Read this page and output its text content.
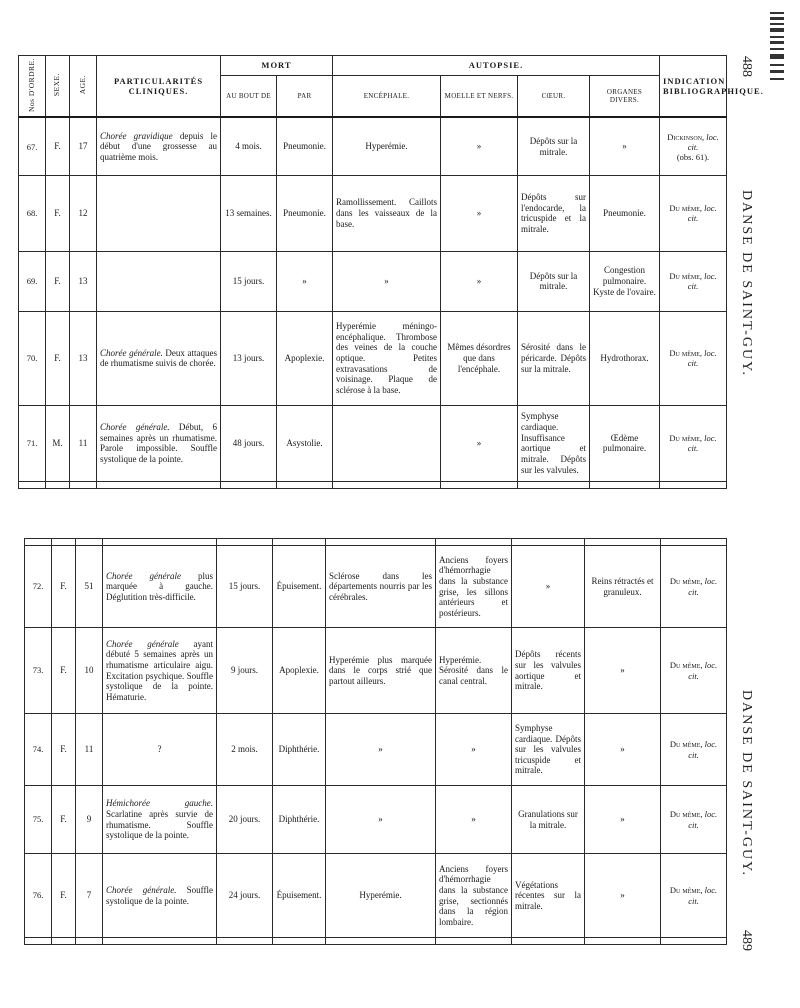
488
DANSE DE SAINT-GUY.
DANSE DE SAINT-GUY.
489
Nos D'ORDRE.	SEXE.	AGE.	PARTICULARITÉS CLINIQUES.	MORT		AUTOPSIE.				INDICATION BIBLIOGRAPHIQUE.
				AU BOUT DE	PAR	ENCÉPHALE.	MOELLE ET NERFS.	CŒUR.	ORGANES DIVERS.	
67.	F.	17	Chorée gravidique depuis le début d'une grossesse au quatrième mois.	4 mois.	Pneumonie.	Hyperémie.	»	Dépôts sur la mitrale.	»	Dickinson, loc. cit.
(obs. 61).
68.	F.	12		13 semaines.	Pneumonie.	Ramollissement. Caillots dans les vaisseaux de la base.	»	Dépôts sur l'endocarde, la tricuspide et la mitrale.	Pneumonie.	Du même, loc. cit.
69.	F.	13		15 jours.	»	»	»	Dépôts sur la mitrale.	Congestion pulmonaire. Kyste de l'ovaire.	Du même, loc. cit.
70.	F.	13	Chorée générale. Deux attaques de rhumatisme suivis de chorée.	13 jours.	Apoplexie.	Hyperémie méningo-encéphalique. Thrombose des veines de la couche optique. Petites extravasations de voisinage. Plaque de sclérose à la base.	Mêmes désordres que dans l'encéphale.	Sérosité dans le péricarde. Dépôts sur la mitrale.	Hydrothorax.	Du même, loc. cit.
71.	M.	11	Chorée générale. Début, 6 semaines après un rhumatisme. Parole impossible. Souffle systolique de la pointe.	48 jours.	Asystolie.		»	Symphyse cardiaque. Insuffisance aortique et mitrale. Dépôts sur les valvules.	Œdème pulmonaire.	Du même, loc. cit.

72.	F.	51	Chorée générale plus marquée à gauche. Déglutition très-difficile.	15 jours.	Épuisement.	Sclérose dans les départements nourris par les cérébrales.	Anciens foyers d'hémorrhagie dans la substance grise, les sillons antérieurs et postérieurs.	»	Reins rétractés et granuleux.	Du même, loc. cit.
73.	F.	10	Chorée générale ayant débuté 5 semaines après un rhumatisme articulaire aigu. Excitation psychique. Souffle systolique de la pointe. Hématurie.	9 jours.	Apoplexie.	Hyperémie plus marquée dans le corps strié que partout ailleurs.	Hyperémie. Sérosité dans le canal central.	Dépôts récents sur les valvules aortique et mitrale.	»	Du même, loc. cit.
74.	F.	11	?	2 mois.	Diphthérie.	»	»	Symphyse cardiaque. Dépôts sur les valvules tricuspide et mitrale.	»	Du même, loc. cit.
75.	F.	9	Hémichorée gauche. Scarlatine après survie de rhumatisme. Souffle systolique de la pointe.	20 jours.	Diphthérie.	»	»	Granulations sur la mitrale.	»	Du même, loc. cit.
76.	F.	7	Chorée générale. Souffle systolique de la pointe.	24 jours.	Épuisement.	Hyperémie.	Anciens foyers d'hémorrhagie dans la substance grise, sectionnés dans la région lombaire.	Végétations récentes sur la mitrale.	»	Du même, loc. cit.
